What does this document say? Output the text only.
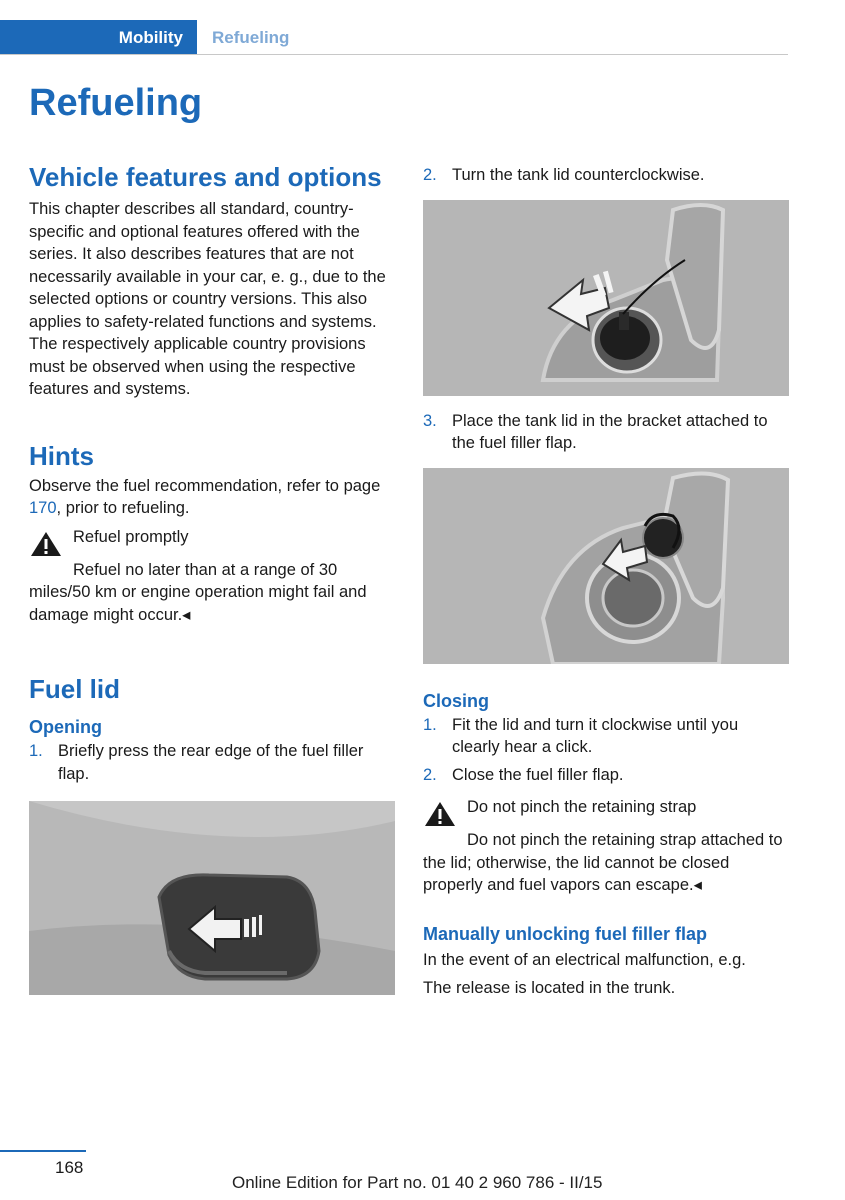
Mobility	Refueling
Refueling
Vehicle features and options

This chapter describes all standard, country-specific and optional features offered with the series. It also describes features that are not necessarily available in your car, e. g., due to the selected options or country versions. This also applies to safety-related functions and systems. The respectively applicable country provisions must be observed when using the respective features and systems.

Hints

Observe the fuel recommendation, refer to page 170, prior to refueling.

Refuel promptly

Refuel no later than at a range of 30 miles/50 km or engine operation might fail and damage might occur.◂

Fuel lid
Opening
1. Briefly press the rear edge of the fuel filler flap.
2. Turn the tank lid counterclockwise.
3. Place the tank lid in the bracket attached to the fuel filler flap.
Closing
1. Fit the lid and turn it clockwise until you clearly hear a click.
2. Close the fuel filler flap.
Do not pinch the retaining strap

Do not pinch the retaining strap attached to the lid; otherwise, the lid cannot be closed properly and fuel vapors can escape.◂

Manually unlocking fuel filler flap

In the event of an electrical malfunction, e.g.

The release is located in the trunk.

168
Online Edition for Part no. 01 40 2 960 786 - II/15
